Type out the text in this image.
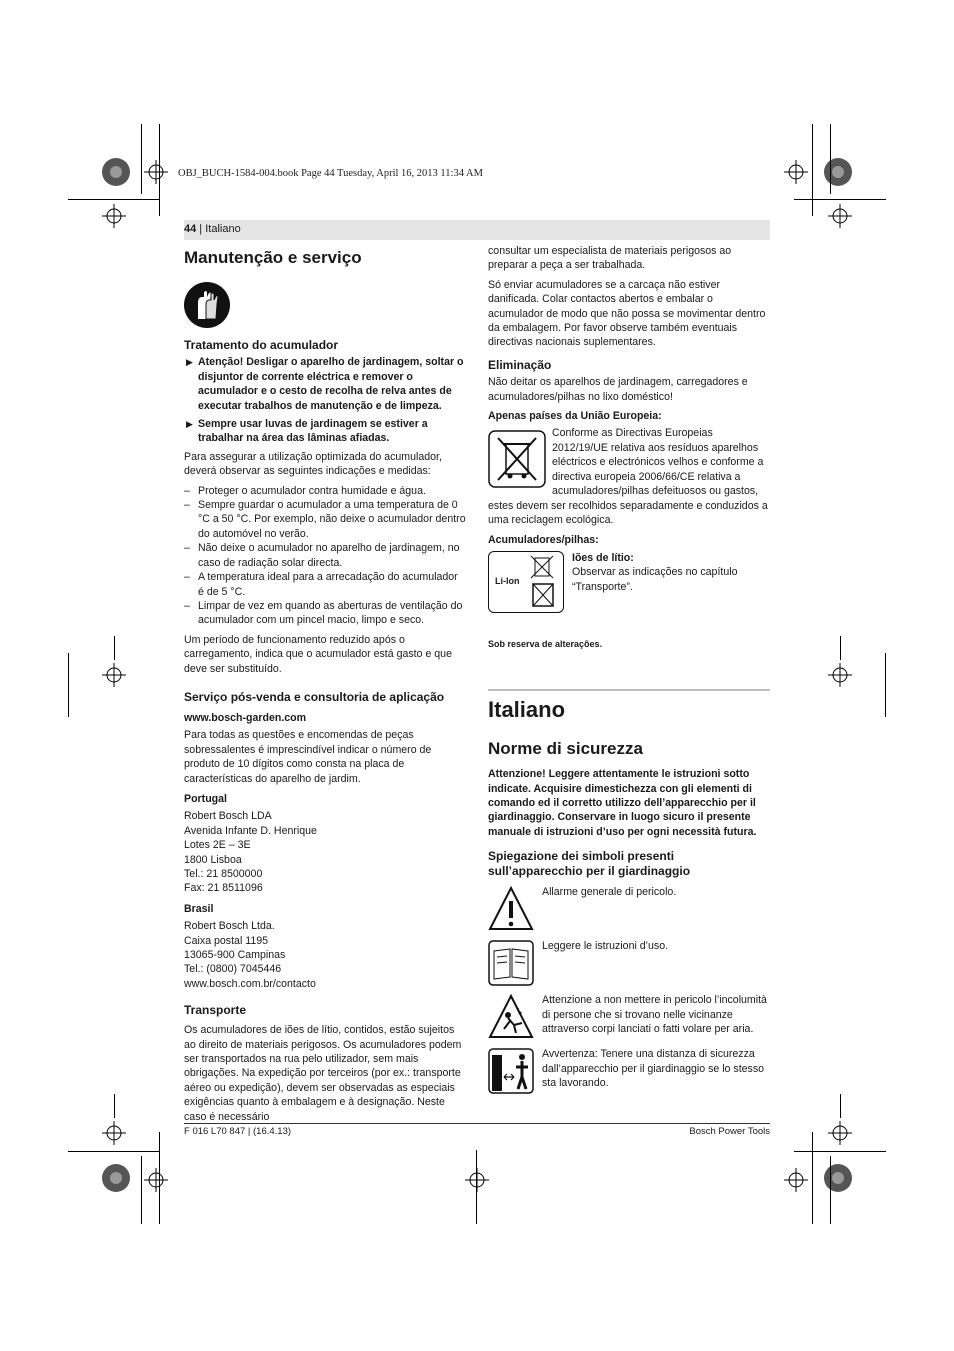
OBJ_BUCH-1584-004.book Page 44 Tuesday, April 16, 2013 11:34 AM
44 | Italiano
Manutenção e serviço
Tratamento do acumulador
▶ Atenção! Desligar o aparelho de jardinagem, soltar o disjuntor de corrente eléctrica e remover o acumulador e o cesto de recolha de relva antes de executar trabalhos de manutenção e de limpeza.
▶ Sempre usar luvas de jardinagem se estiver a trabalhar na área das lâminas afiadas.

Para assegurar a utilização optimizada do acumulador, deverá observar as seguintes indicações e medidas:

– Proteger o acumulador contra humidade e água.
– Sempre guardar o acumulador a uma temperatura de 0 °C a 50 °C. Por exemplo, não deixe o acumulador dentro do automóvel no verão.
– Não deixe o acumulador no aparelho de jardinagem, no caso de radiação solar directa.
– A temperatura ideal para a arrecadação do acumulador é de 5 °C.
– Limpar de vez em quando as aberturas de ventilação do acumulador com um pincel macio, limpo e seco.

Um período de funcionamento reduzido após o carregamento, indica que o acumulador está gasto e que deve ser substituído.

Serviço pós-venda e consultoria de aplicação
www.bosch-garden.com

Para todas as questões e encomendas de peças sobressalentes é imprescindível indicar o número de produto de 10 dígitos como consta na placa de características do aparelho de jardim.

Portugal
Robert Bosch LDA
Avenida Infante D. Henrique
Lotes 2E – 3E
1800 Lisboa
Tel.: 21 8500000
Fax: 21 8511096
Brasil
Robert Bosch Ltda.
Caixa postal 1195
13065-900 Campinas
Tel.: (0800) 7045446
www.bosch.com.br/contacto
Transporte

Os acumuladores de iões de lítio, contidos, estão sujeitos ao direito de materiais perigosos. Os acumuladores podem ser transportados na rua pelo utilizador, sem mais obrigações. Na expedição por terceiros (por ex.: transporte aéreo ou expedição), devem ser observadas as especiais exigências quanto à embalagem e à designação. Neste caso é necessário

consultar um especialista de materiais perigosos ao preparar a peça a ser trabalhada.

Só enviar acumuladores se a carcaça não estiver danificada. Colar contactos abertos e embalar o acumulador de modo que não possa se movimentar dentro da embalagem. Por favor observe também eventuais directivas nacionais suplementares.

Eliminação

Não deitar os aparelhos de jardinagem, carregadores e acumuladores/pilhas no lixo doméstico!

Apenas países da União Europeia:
Conforme as Directivas Europeias 2012/19/UE relativa aos resíduos aparelhos eléctricos e electrónicos velhos e conforme a directiva europeia 2006/66/CE relativa a acumuladores/pilhas defeituosos ou gastos, estes devem ser recolhidos separadamente e conduzidos a uma reciclagem ecológica.
Acumuladores/pilhas:
Li-Ion
Iões de lítio:
Observar as indicações no capítulo “Transporte”.
Sob reserva de alterações.
Italiano
Norme di sicurezza

Attenzione! Leggere attentamente le istruzioni sotto indicate. Acquisire dimestichezza con gli elementi di comando ed il corretto utilizzo dell’apparecchio per il giardinaggio. Conservare in luogo sicuro il presente manuale di istruzioni d’uso per ogni necessità futura.

Spiegazione dei simboli presenti sull’apparecchio per il giardinaggio
Allarme generale di pericolo.
Leggere le istruzioni d’uso.
Attenzione a non mettere in pericolo l’incolumità di persone che si trovano nelle vicinanze attraverso corpi lanciati o fatti volare per aria.
Avvertenza: Tenere una distanza di sicurezza dall’apparecchio per il giardinaggio se lo stesso sta lavorando.
F 016 L70 847 | (16.4.13)	Bosch Power Tools
